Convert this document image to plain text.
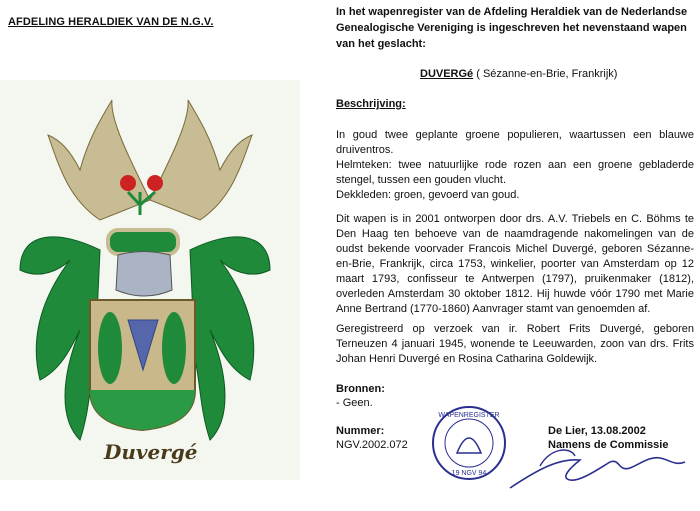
AFDELING HERALDIEK VAN DE N.G.V.
Duvergé
In het wapenregister van de Afdeling Heraldiek van de Nederlandse Genealogische Vereniging is ingeschreven het nevenstaand wapen van het geslacht:
DUVERGé ( Sézanne-en-Brie, Frankrijk)
Beschrijving:
In goud twee geplante groene populieren, waartussen een blauwe druiventros.
Helmteken: twee natuurlijke rode rozen aan een groene gebladerde stengel, tussen een gouden vlucht.
Dekkleden: groen, gevoerd van goud.
Dit wapen is in 2001 ontworpen door drs. A.V. Triebels en C. Böhms te Den Haag ten behoeve van de naamdragende nakomelingen van de oudst bekende voorvader Francois Michel Duvergé, geboren Sézanne-en-Brie, Frankrijk, circa 1753, winkelier, poorter van Amsterdam op 12 maart 1793, confisseur te Antwerpen (1797), pruikenmaker (1812), overleden Amsterdam 30 oktober 1812. Hij huwde vóór 1790 met Marie Anne Bertrand (1770-1860) Aanvrager stamt van genoemden af.
Geregistreerd op verzoek van ir. Robert Frits Duvergé, geboren Terneuzen 4 januari 1945, wonende te Leeuwarden, zoon van drs. Frits Johan Henri Duvergé en Rosina Catharina Goldewijk.
Bronnen:
- Geen.
Nummer:
NGV.2002.072
WAPENREGISTER
19 NGV 94
De Lier, 13.08.2002
Namens de Commissie
